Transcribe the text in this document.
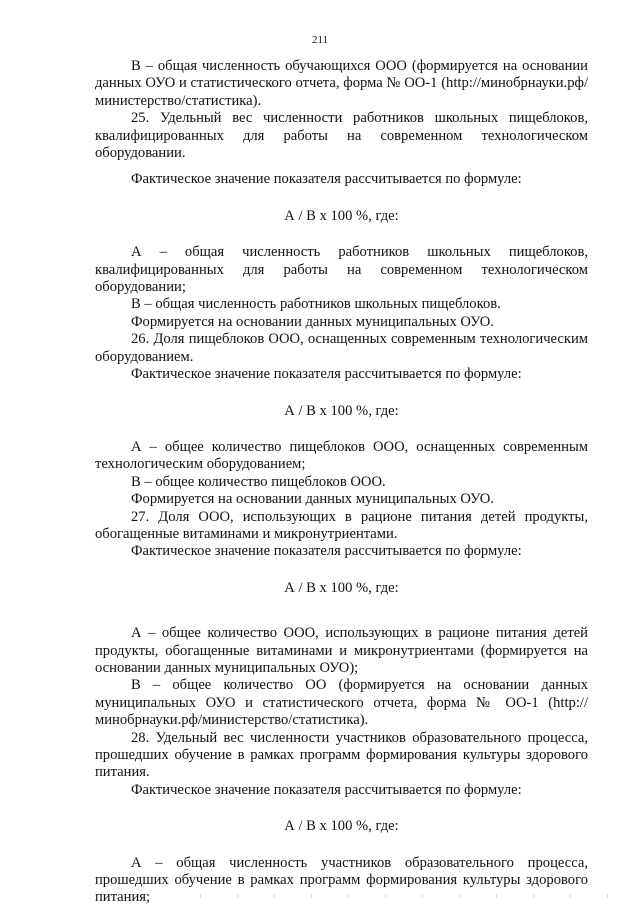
211

В – общая численность обучающихся ООО (формируется на основании данных ОУО и статистического отчета, форма № ОО-1 (http://минобрнауки.рф/министерство/статистика).

25. Удельный вес численности работников школьных пищеблоков, квалифицированных для работы на современном технологическом оборудовании.

Фактическое значение показателя рассчитывается по формуле:

А / В х 100 %, где:

А – общая численность работников школьных пищеблоков, квалифицированных для работы на современном технологическом оборудовании;

В – общая численность работников школьных пищеблоков.

Формируется на основании данных муниципальных ОУО.

26. Доля пищеблоков ООО, оснащенных современным технологическим оборудованием.

Фактическое значение показателя рассчитывается по формуле:

А / В х 100 %, где:

А – общее количество пищеблоков ООО, оснащенных современным технологическим оборудованием;

В – общее количество пищеблоков ООО.

Формируется на основании данных муниципальных ОУО.

27. Доля ООО, использующих в рационе питания детей продукты, обогащенные витаминами и микронутриентами.

Фактическое значение показателя рассчитывается по формуле:

А / В х 100 %, где:

А – общее количество ООО, использующих в рационе питания детей продукты, обогащенные витаминами и микронутриентами (формируется на основании данных муниципальных ОУО);

В – общее количество ОО (формируется на основании данных муниципальных ОУО и статистического отчета, форма № ОО-1 (http://минобрнауки.рф/министерство/статистика).

28. Удельный вес численности участников образовательного процесса, прошедших обучение в рамках программ формирования культуры здорового питания.

Фактическое значение показателя рассчитывается по формуле:

А / В х 100 %, где:

А – общая численность участников образовательного процесса, прошедших обучение в рамках программ формирования культуры здорового питания;
